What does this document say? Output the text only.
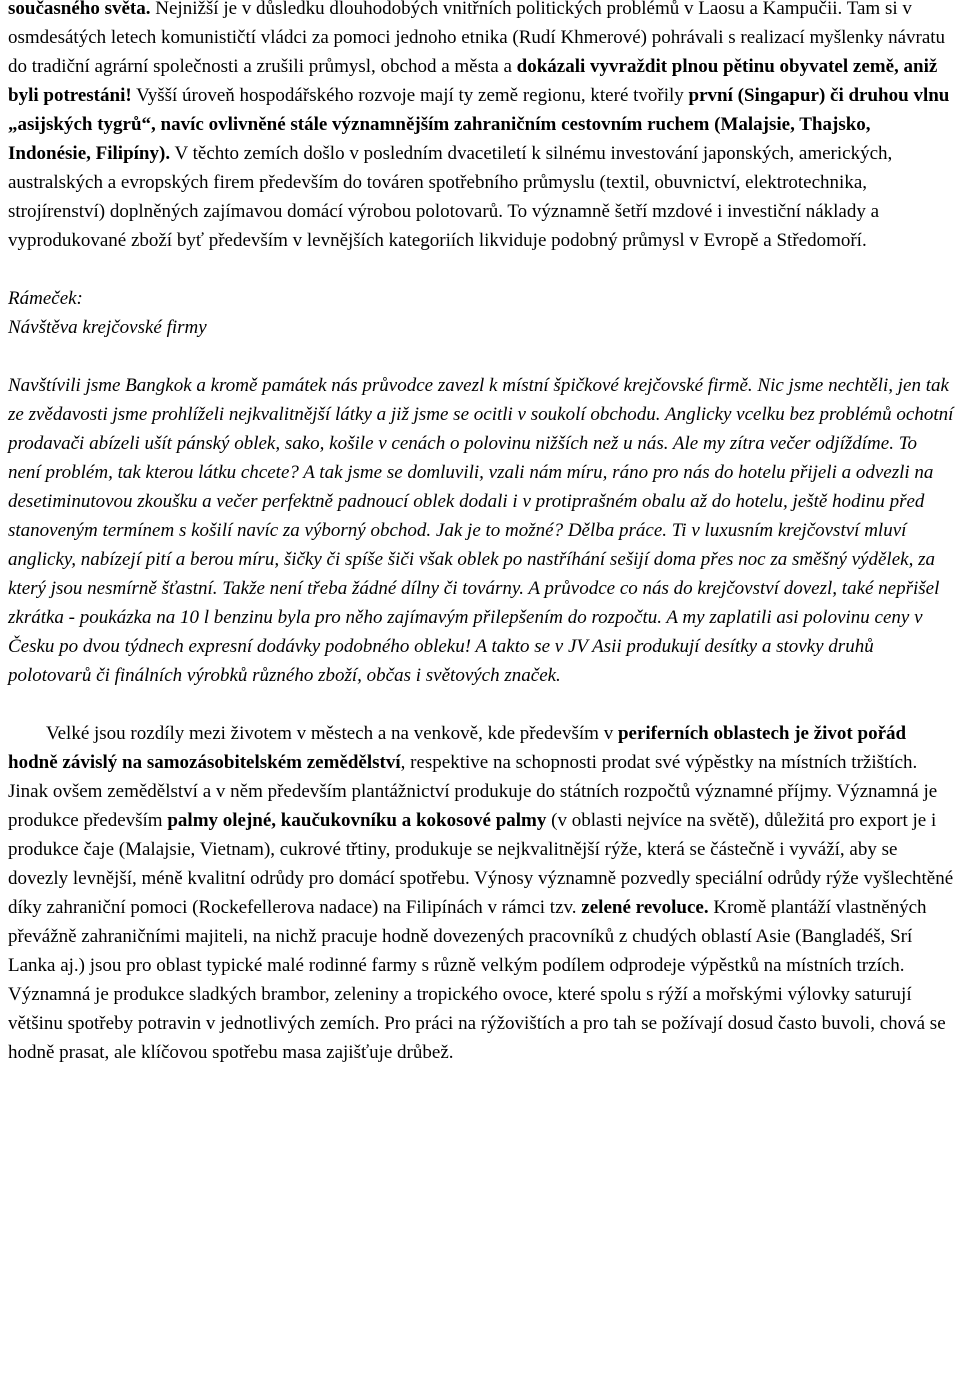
současného světa. Nejnižší je v důsledku dlouhodobých vnitřních politických problémů v Laosu a Kampučii. Tam si v osmdesátých letech komunističtí vládci za pomoci jednoho etnika (Rudí Khmerové) pohrávali s realizací myšlenky návratu do tradiční agrární společnosti a zrušili průmysl, obchod a města a dokázali vyvraždit plnou pětinu obyvatel země, aniž byli potrestáni! Vyšší úroveň hospodářského rozvoje mají ty země regionu, které tvořily první (Singapur) či druhou vlnu „asijských tygrů“, navíc ovlivněné stále významnějším zahraničním cestovním ruchem (Malajsie, Thajsko, Indonésie, Filipíny). V těchto zemích došlo v posledním dvacetiletí k silnému investování japonských, amerických, australských a evropských firem především do továren spotřebního průmyslu (textil, obuvnictví, elektrotechnika, strojírenství) doplněných zajímavou domácí výrobou polotovarů. To významně šetří mzdové i investiční náklady a vyprodukované zboží byť především v levnějších kategoriích likviduje podobný průmysl v Evropě a Středomoří.

Rámeček:
Návštěva krejčovské firmy

Navštívili jsme Bangkok a kromě památek nás průvodce zavezl k místní špičkové krejčovské firmě. Nic jsme nechtěli, jen tak ze zvědavosti jsme prohlíželi nejkvalitnější látky a již jsme se ocitli v soukolí obchodu. Anglicky vcelku bez problémů ochotní prodavači abízeli ušít pánský oblek, sako, košile v cenách o polovinu nižších než u nás. Ale my zítra večer odjíždíme. To není problém, tak kterou látku chcete? A tak jsme se domluvili, vzali nám míru, ráno pro nás do hotelu přijeli a odvezli na desetiminutovou zkoušku a večer perfektně padnoucí oblek dodali i v protiprašném obalu až do hotelu, ještě hodinu před stanoveným termínem s košilí navíc za výborný obchod. Jak je to možné? Dělba práce. Ti v luxusním krejčovství mluví anglicky, nabízejí pití a berou míru, šičky či spíše šiči však oblek po nastříhání sešijí doma přes noc za směšný výdělek, za který jsou nesmírně šťastní. Takže není třeba žádné dílny či továrny. A průvodce co nás do krejčovství dovezl, také nepřišel zkrátka - poukázka na 10 l benzinu byla pro něho zajímavým přilepšením do rozpočtu. A my zaplatili asi polovinu ceny v Česku po dvou týdnech expresní dodávky podobného obleku! A takto se v JV Asii produkují desítky a stovky druhů polotovarů či finálních výrobků různého zboží, občas i světových značek.

Velké jsou rozdíly mezi životem v městech a na venkově, kde především v periferních oblastech je život pořád hodně závislý na samozásobitelském zemědělství, respektive na schopnosti prodat své výpěstky na místních tržištích. Jinak ovšem zemědělství a v něm především plantážnictví produkuje do státních rozpočtů významné příjmy. Významná je produkce především palmy olejné, kaučukovníku a kokosové palmy (v oblasti nejvíce na světě), důležitá pro export je i produkce čaje (Malajsie, Vietnam), cukrové třtiny, produkuje se nejkvalitnější rýže, která se částečně i vyváží, aby se dovezly levnější, méně kvalitní odrůdy pro domácí spotřebu. Výnosy významně pozvedly speciální odrůdy rýže vyšlechtěné díky zahraniční pomoci (Rockefellerova nadace) na Filipínách v rámci tzv. zelené revoluce. Kromě plantáží vlastněných převážně zahraničními majiteli, na nichž pracuje hodně dovezených pracovníků z chudých oblastí Asie (Bangladéš, Srí Lanka aj.) jsou pro oblast typické malé rodinné farmy s různě velkým podílem odprodeje výpěstků na místních trzích. Významná je produkce sladkých brambor, zeleniny a tropického ovoce, které spolu s rýží a mořskými výlovky saturují většinu spotřeby potravin v jednotlivých zemích. Pro práci na rýžovištích a pro tah se požívají dosud často buvoli, chová se hodně prasat, ale klíčovou spotřebu masa zajišťuje drůbež.
